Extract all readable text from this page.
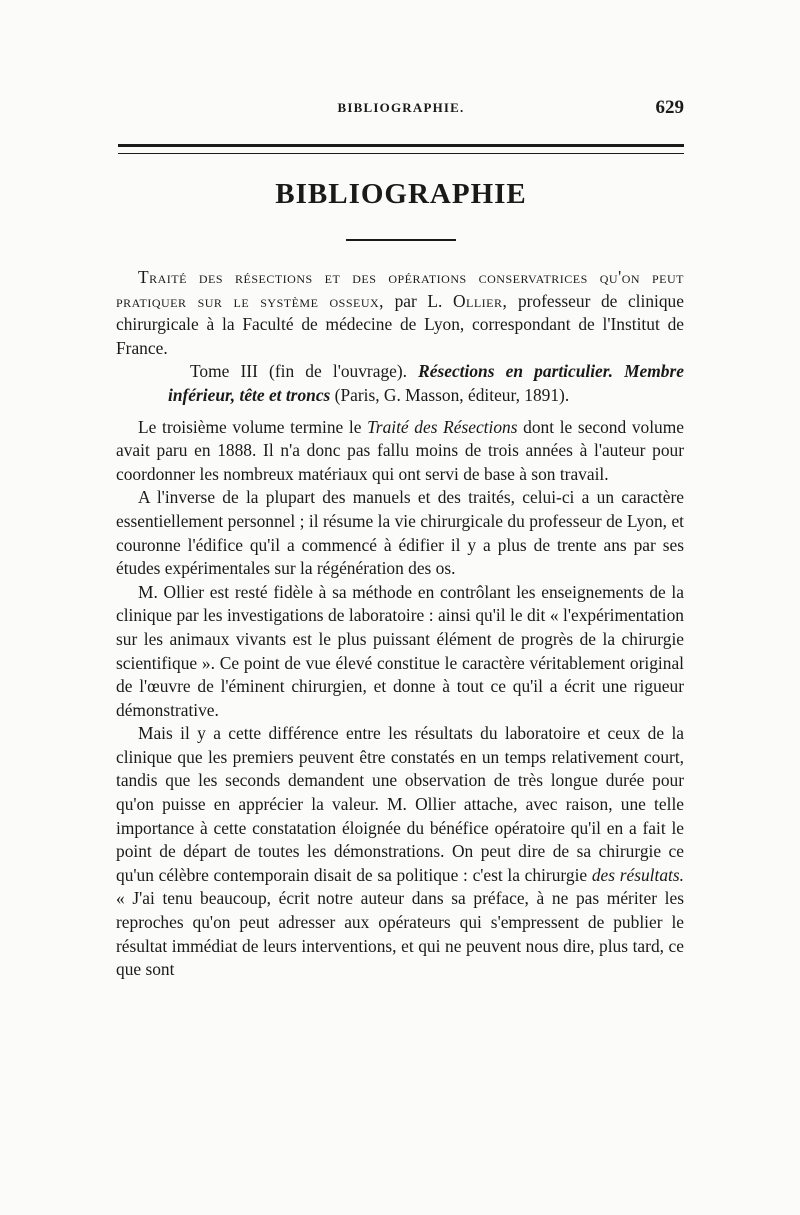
BIBLIOGRAPHIE.	629
BIBLIOGRAPHIE

Traité des résections et des opérations conservatrices qu'on peut pratiquer sur le système osseux, par L. Ollier, professeur de clinique chirurgicale à la Faculté de médecine de Lyon, correspondant de l'Institut de France.

Tome III (fin de l'ouvrage). Résections en particulier. Membre inférieur, tête et troncs (Paris, G. Masson, éditeur, 1891).

Le troisième volume termine le Traité des Résections dont le second volume avait paru en 1888. Il n'a donc pas fallu moins de trois années à l'auteur pour coordonner les nombreux matériaux qui ont servi de base à son travail.

A l'inverse de la plupart des manuels et des traités, celui-ci a un caractère essentiellement personnel ; il résume la vie chirurgicale du professeur de Lyon, et couronne l'édifice qu'il a commencé à édifier il y a plus de trente ans par ses études expérimentales sur la régénération des os.

M. Ollier est resté fidèle à sa méthode en contrôlant les enseignements de la clinique par les investigations de laboratoire : ainsi qu'il le dit « l'expérimentation sur les animaux vivants est le plus puissant élément de progrès de la chirurgie scientifique ». Ce point de vue élevé constitue le caractère véritablement original de l'œuvre de l'éminent chirurgien, et donne à tout ce qu'il a écrit une rigueur démonstrative.

Mais il y a cette différence entre les résultats du laboratoire et ceux de la clinique que les premiers peuvent être constatés en un temps relativement court, tandis que les seconds demandent une observation de très longue durée pour qu'on puisse en apprécier la valeur. M. Ollier attache, avec raison, une telle importance à cette constatation éloignée du bénéfice opératoire qu'il en a fait le point de départ de toutes les démonstrations. On peut dire de sa chirurgie ce qu'un célèbre contemporain disait de sa politique : c'est la chirurgie des résultats. « J'ai tenu beaucoup, écrit notre auteur dans sa préface, à ne pas mériter les reproches qu'on peut adresser aux opérateurs qui s'empressent de publier le résultat immédiat de leurs interventions, et qui ne peuvent nous dire, plus tard, ce que sont
